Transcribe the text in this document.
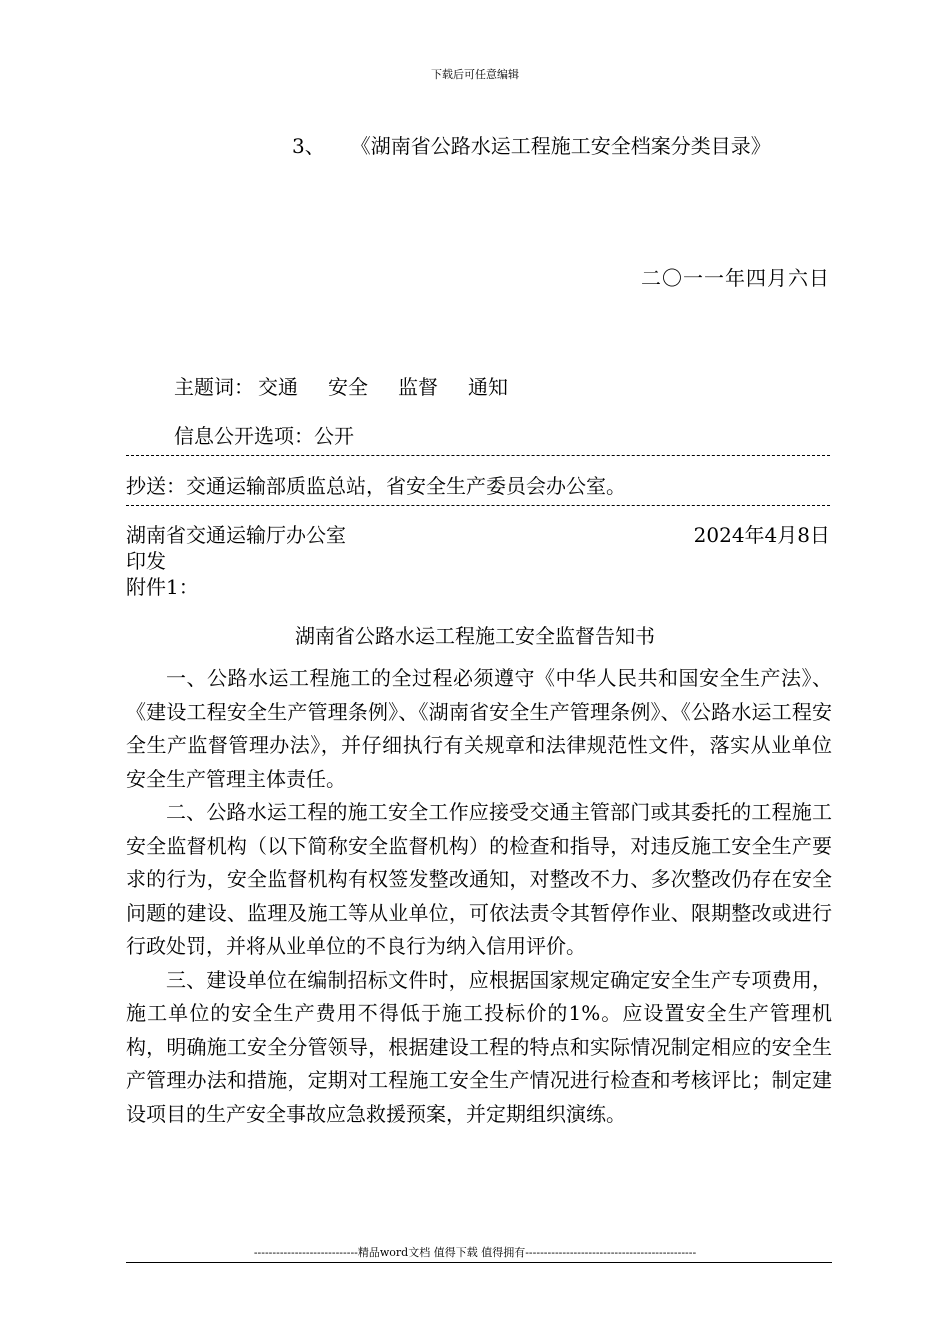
下载后可任意编辑
3、 《湖南省公路水运工程施工安全档案分类目录》
二〇一一年四月六日
主题词： 交通 安全 监督 通知
信息公开选项：公开
抄送：交通运输部质监总站，省安全生产委员会办公室。
湖南省交通运输厅办公室	2024年4月8日
印发
附件1：
湖南省公路水运工程施工安全监督告知书

一、公路水运工程施工的全过程必须遵守《中华人民共和国安全生产法》、《建设工程安全生产管理条例》、《湖南省安全生产管理条例》、《公路水运工程安全生产监督管理办法》，并仔细执行有关规章和法律规范性文件，落实从业单位安全生产管理主体责任。

二、公路水运工程的施工安全工作应接受交通主管部门或其委托的工程施工安全监督机构（以下简称安全监督机构）的检查和指导，对违反施工安全生产要求的行为，安全监督机构有权签发整改通知，对整改不力、多次整改仍存在安全问题的建设、监理及施工等从业单位，可依法责令其暂停作业、限期整改或进行行政处罚，并将从业单位的不良行为纳入信用评价。

三、建设单位在编制招标文件时，应根据国家规定确定安全生产专项费用，施工单位的安全生产费用不得低于施工投标价的1%。应设置安全生产管理机构，明确施工安全分管领导，根据建设工程的特点和实际情况制定相应的安全生产管理办法和措施，定期对工程施工安全生产情况进行检查和考核评比；制定建设项目的生产安全事故应急救援预案，并定期组织演练。

----------------------------精品word文档 值得下载 值得拥有----------------------------------------------
